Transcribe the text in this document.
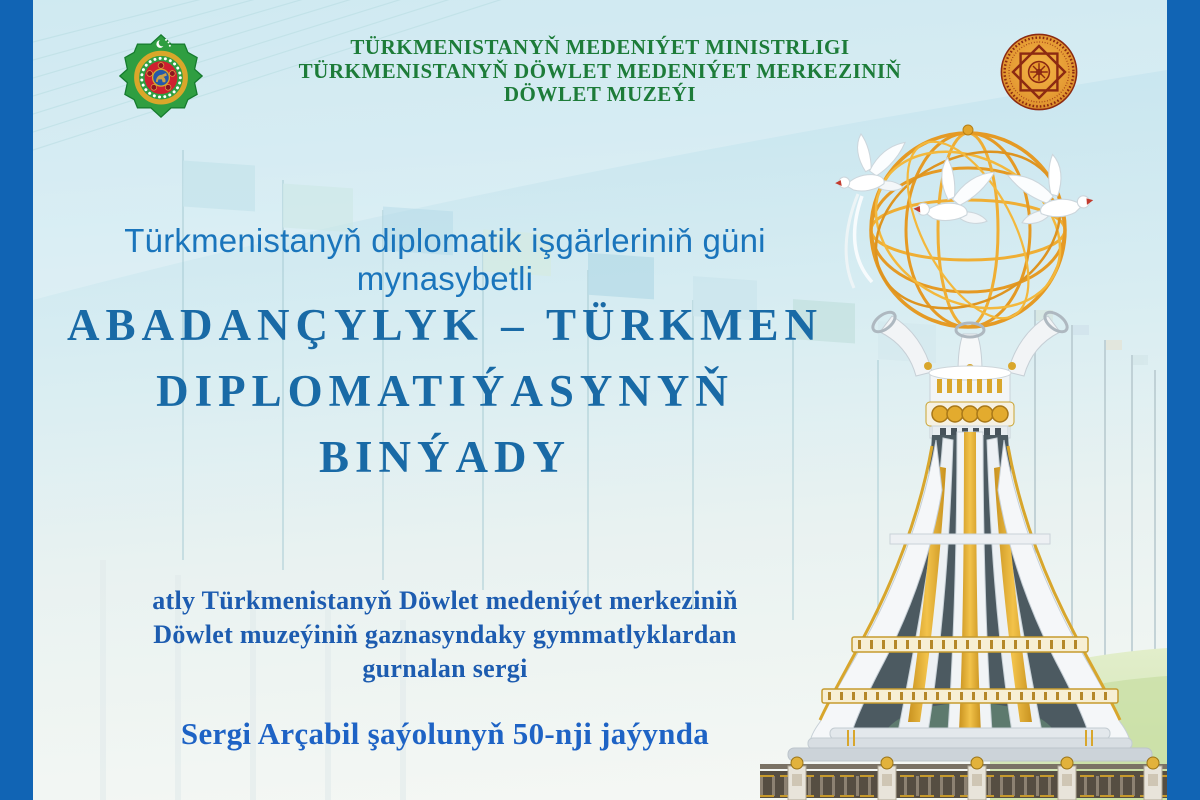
TÜRKMENISTANYŇ MEDENIÝET MINISTRLIGI
TÜRKMENISTANYŇ DÖWLET MEDENIÝET MERKEZINIŇ
DÖWLET MUZEÝI
Türkmenistanyň diplomatik işgärleriniň güni mynasybetli
ABADANÇYLYK – TÜRKMEN
DIPLOMATIÝASYNYŇ
BINÝADY
atly Türkmenistanyň Döwlet medeniýet merkeziniň
Döwlet muzeýiniň gaznasyndaky gymmatlyklardan
gurnalan sergi
Sergi Arçabil şaýolunyň 50-nji jaýynda
